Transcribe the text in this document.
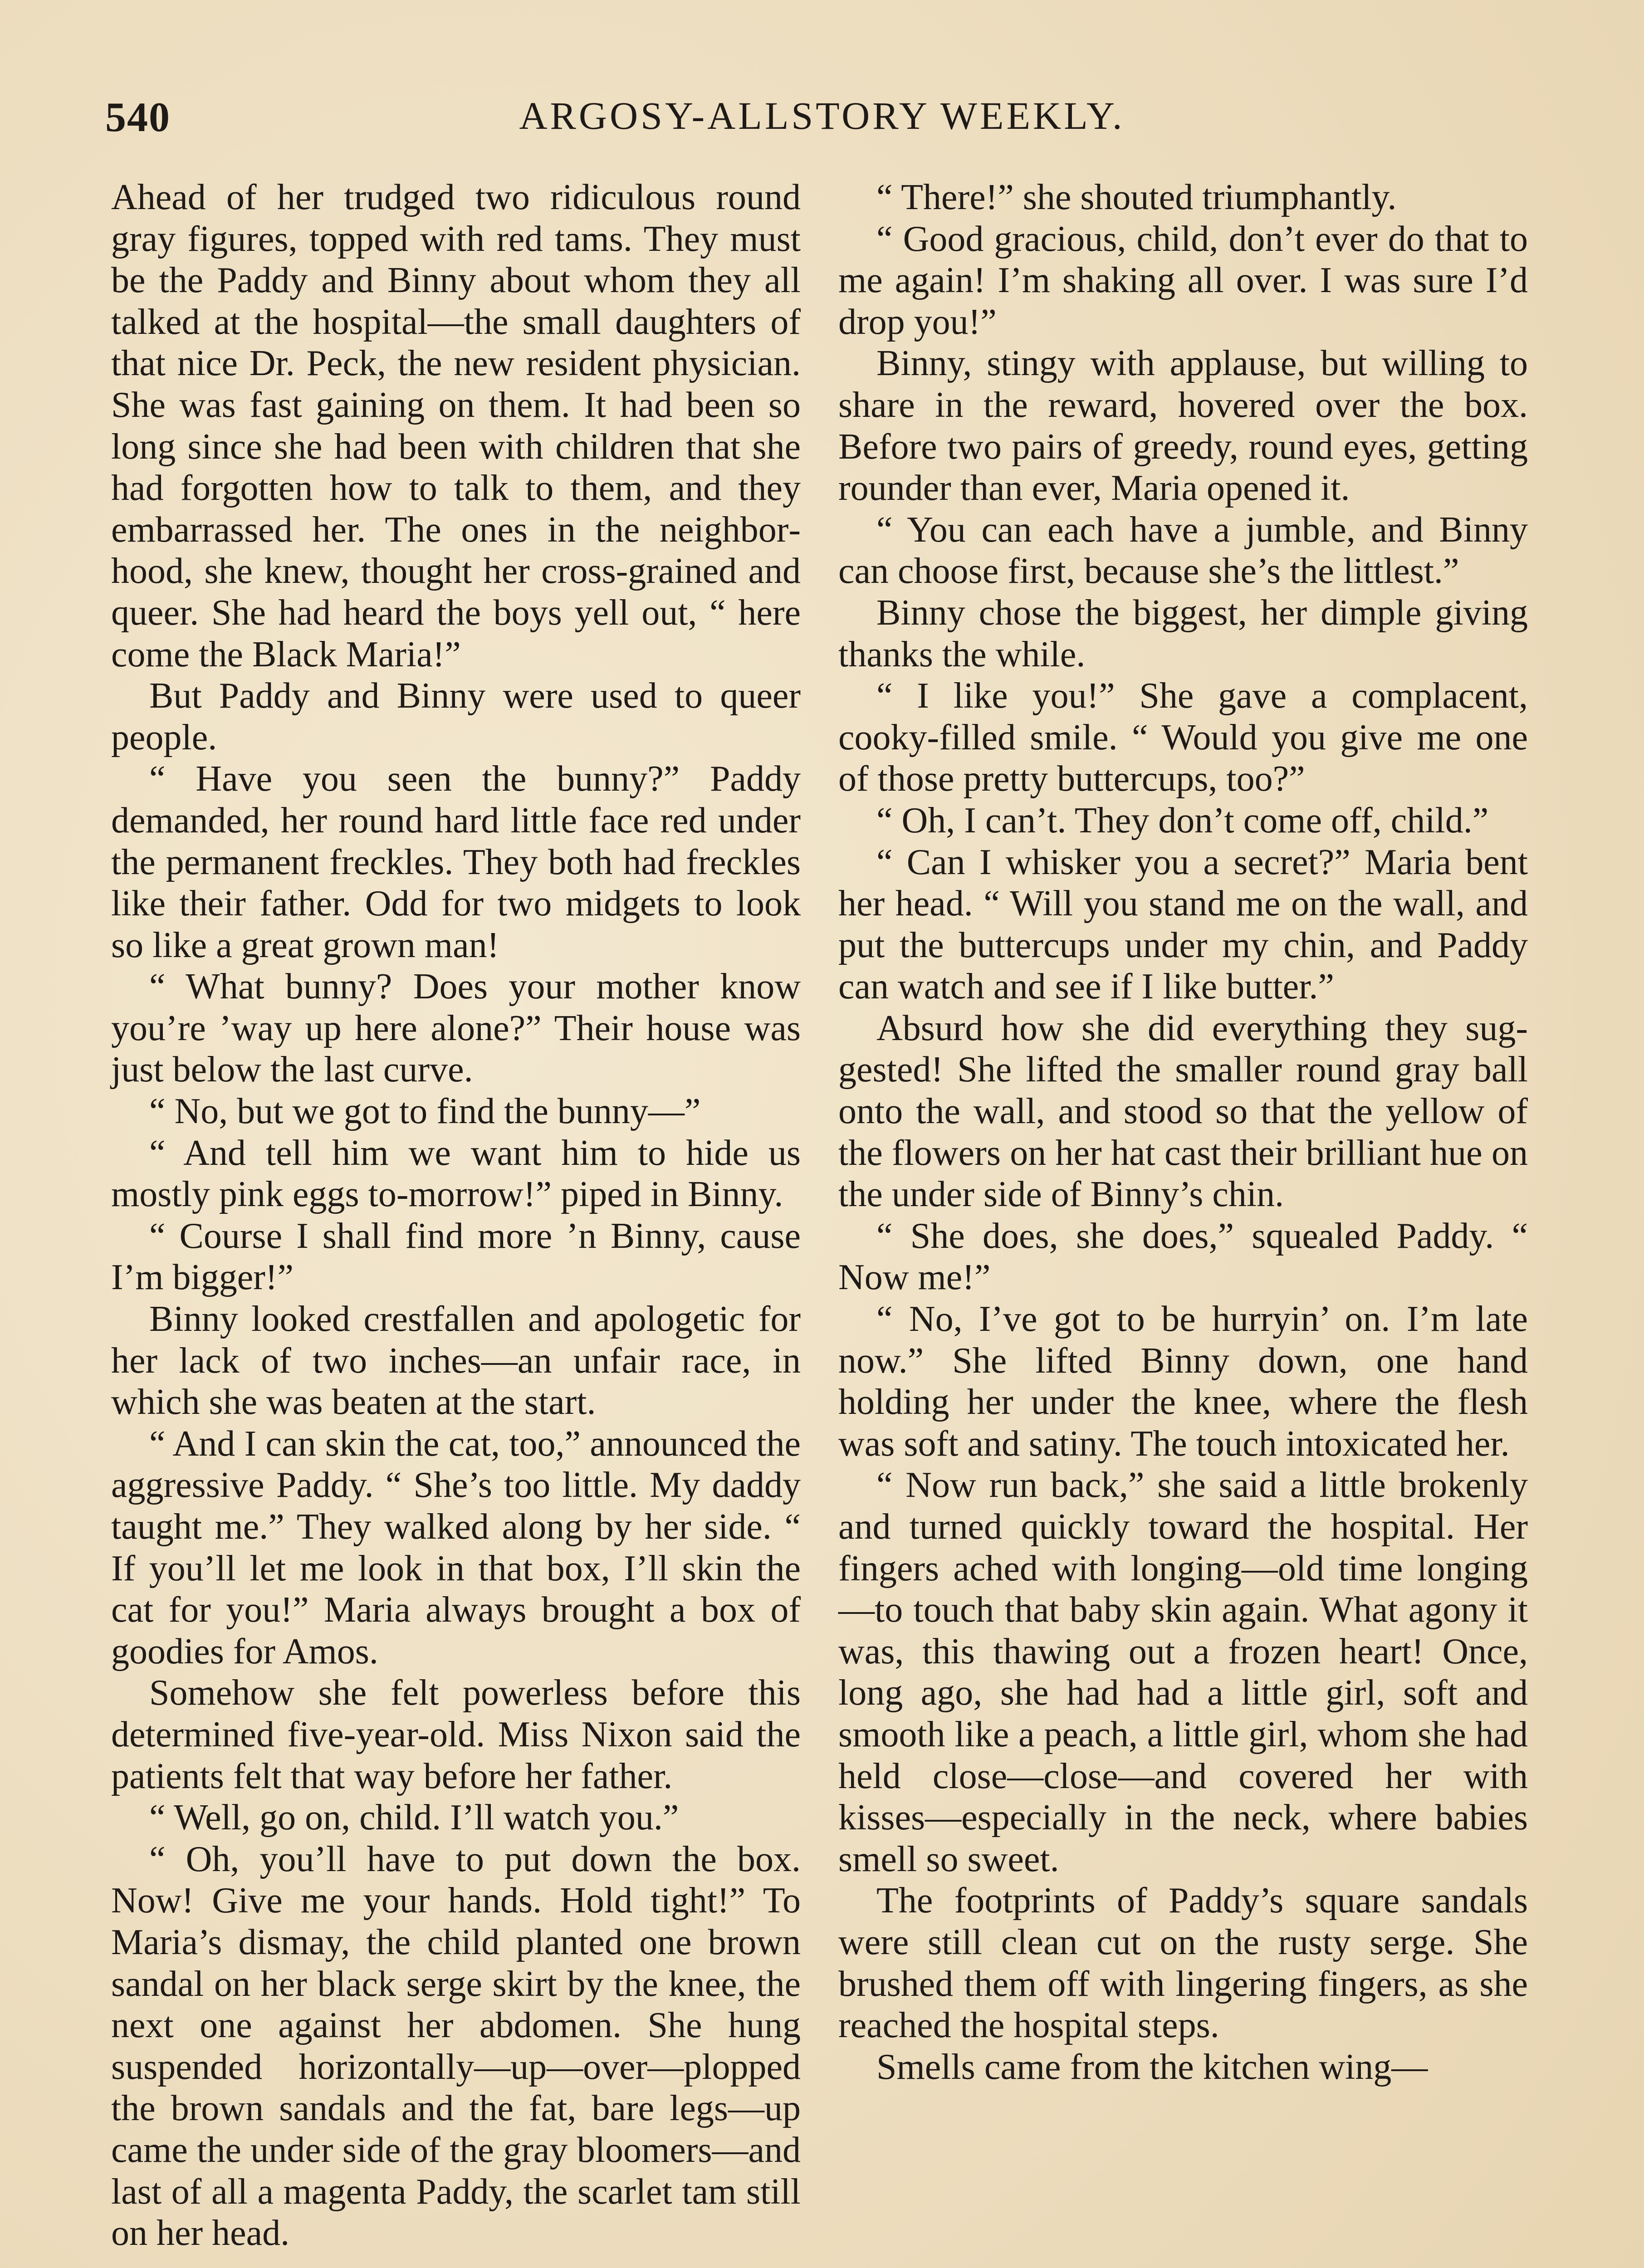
540	ARGOSY-ALLSTORY WEEKLY.

Ahead of her trudged two ridiculous round gray figures, topped with red tams. They must be the Paddy and Binny about whom they all talked at the hospital—the small daughters of that nice Dr. Peck, the new resident physician. She was fast gaining on them. It had been so long since she had been with children that she had forgotten how to talk to them, and they embarrassed her. The ones in the neighborhood, she knew, thought her cross-grained and queer. She had heard the boys yell out, “ here come the Black Maria!”

But Paddy and Binny were used to queer people.

“ Have you seen the bunny?” Paddy demanded, her round hard little face red under the permanent freckles. They both had freckles like their father. Odd for two midgets to look so like a great grown man!

“ What bunny? Does your mother know you’re ’way up here alone?” Their house was just below the last curve.

“ No, but we got to find the bunny—”

“ And tell him we want him to hide us mostly pink eggs to-morrow!” piped in Binny.

“ Course I shall find more ’n Binny, cause I’m bigger!”

Binny looked crestfallen and apologetic for her lack of two inches—an unfair race, in which she was beaten at the start.

“ And I can skin the cat, too,” announced the aggressive Paddy. “ She’s too little. My daddy taught me.” They walked along by her side. “ If you’ll let me look in that box, I’ll skin the cat for you!” Maria always brought a box of goodies for Amos.

Somehow she felt powerless before this determined five-year-old. Miss Nixon said the patients felt that way before her father.

“ Well, go on, child. I’ll watch you.”

“ Oh, you’ll have to put down the box. Now! Give me your hands. Hold tight!” To Maria’s dismay, the child planted one brown sandal on her black serge skirt by the knee, the next one against her abdomen. She hung suspended horizontally—up—over—plopped the brown sandals and the fat, bare legs—up came the under side of the gray bloomers—and last of all a magenta Paddy, the scarlet tam still on her head.

“ There!” she shouted triumphantly.

“ Good gracious, child, don’t ever do that to me again! I’m shaking all over. I was sure I’d drop you!”

Binny, stingy with applause, but willing to share in the reward, hovered over the box. Before two pairs of greedy, round eyes, getting rounder than ever, Maria opened it.

“ You can each have a jumble, and Binny can choose first, because she’s the littlest.”

Binny chose the biggest, her dimple giving thanks the while.

“ I like you!” She gave a complacent, cooky-filled smile. “ Would you give me one of those pretty buttercups, too?”

“ Oh, I can’t. They don’t come off, child.”

“ Can I whisker you a secret?” Maria bent her head. “ Will you stand me on the wall, and put the buttercups under my chin, and Paddy can watch and see if I like butter.”

Absurd how she did everything they suggested! She lifted the smaller round gray ball onto the wall, and stood so that the yellow of the flowers on her hat cast their brilliant hue on the under side of Binny’s chin.

“ She does, she does,” squealed Paddy. “ Now me!”

“ No, I’ve got to be hurryin’ on. I’m late now.” She lifted Binny down, one hand holding her under the knee, where the flesh was soft and satiny. The touch intoxicated her.

“ Now run back,” she said a little brokenly and turned quickly toward the hospital. Her fingers ached with longing—old time longing—to touch that baby skin again. What agony it was, this thawing out a frozen heart! Once, long ago, she had had a little girl, soft and smooth like a peach, a little girl, whom she had held close—close—and covered her with kisses—especially in the neck, where babies smell so sweet.

The footprints of Paddy’s square sandals were still clean cut on the rusty serge. She brushed them off with lingering fingers, as she reached the hospital steps.

Smells came from the kitchen wing—
